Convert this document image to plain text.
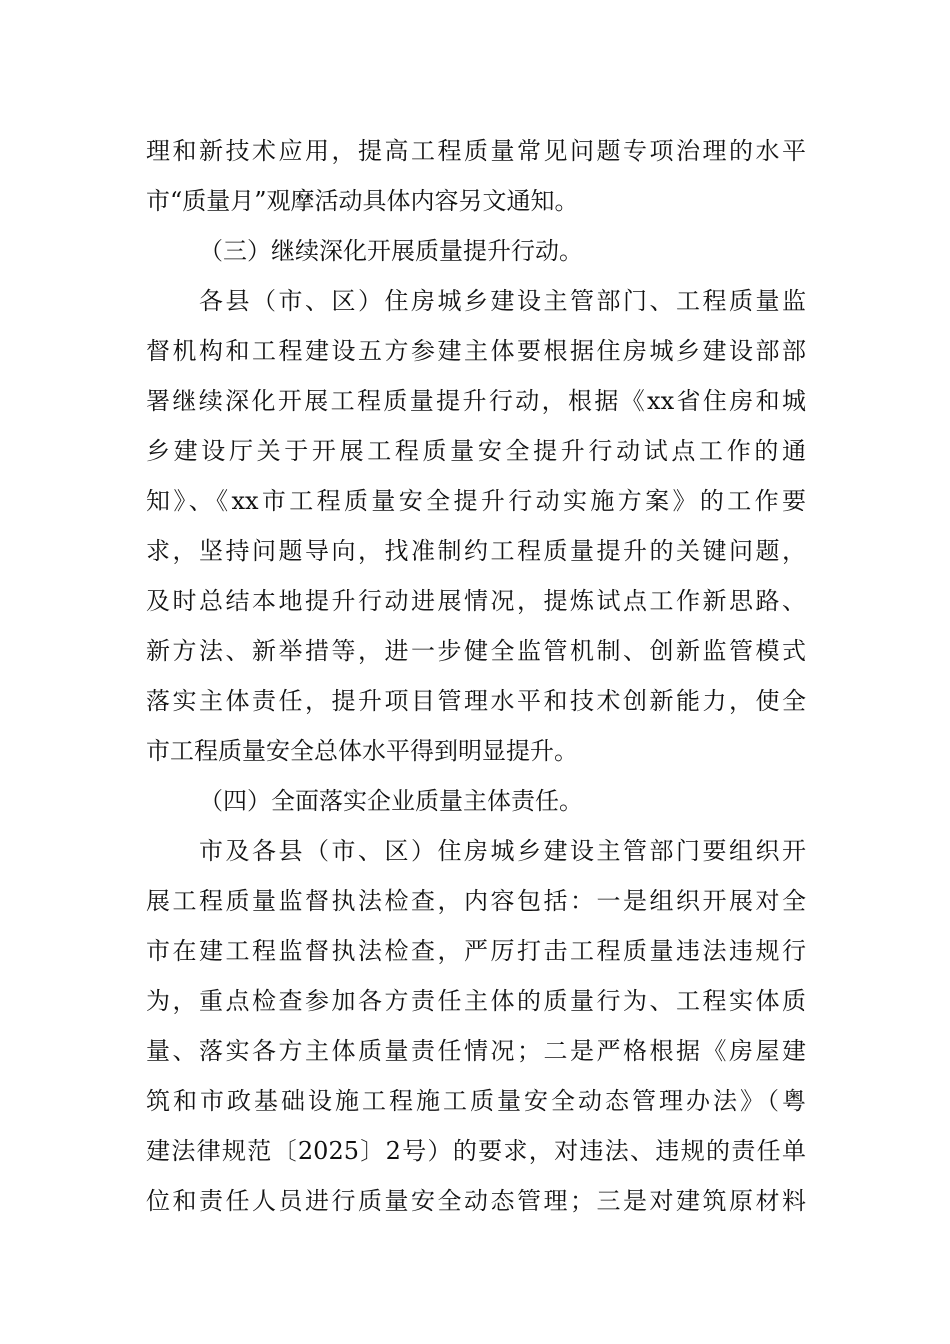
理和新技术应用，提高工程质量常见问题专项治理的水平
市“质量月”观摩活动具体内容另文通知。
（三）继续深化开展质量提升行动。
各县（市、区）住房城乡建设主管部门、工程质量监
督机构和工程建设五方参建主体要根据住房城乡建设部部
署继续深化开展工程质量提升行动，根据《xx省住房和城
乡建设厅关于开展工程质量安全提升行动试点工作的通
知》、《xx市工程质量安全提升行动实施方案》的工作要
求，坚持问题导向，找准制约工程质量提升的关键问题，
及时总结本地提升行动进展情况，提炼试点工作新思路、
新方法、新举措等，进一步健全监管机制、创新监管模式
落实主体责任，提升项目管理水平和技术创新能力，使全
市工程质量安全总体水平得到明显提升。
（四）全面落实企业质量主体责任。
市及各县（市、区）住房城乡建设主管部门要组织开
展工程质量监督执法检查，内容包括：一是组织开展对全
市在建工程监督执法检查，严厉打击工程质量违法违规行
为，重点检查参加各方责任主体的质量行为、工程实体质
量、落实各方主体质量责任情况；二是严格根据《房屋建
筑和市政基础设施工程施工质量安全动态管理办法》（粤
建法律规范〔2025〕2号）的要求，对违法、违规的责任单
位和责任人员进行质量安全动态管理；三是对建筑原材料
